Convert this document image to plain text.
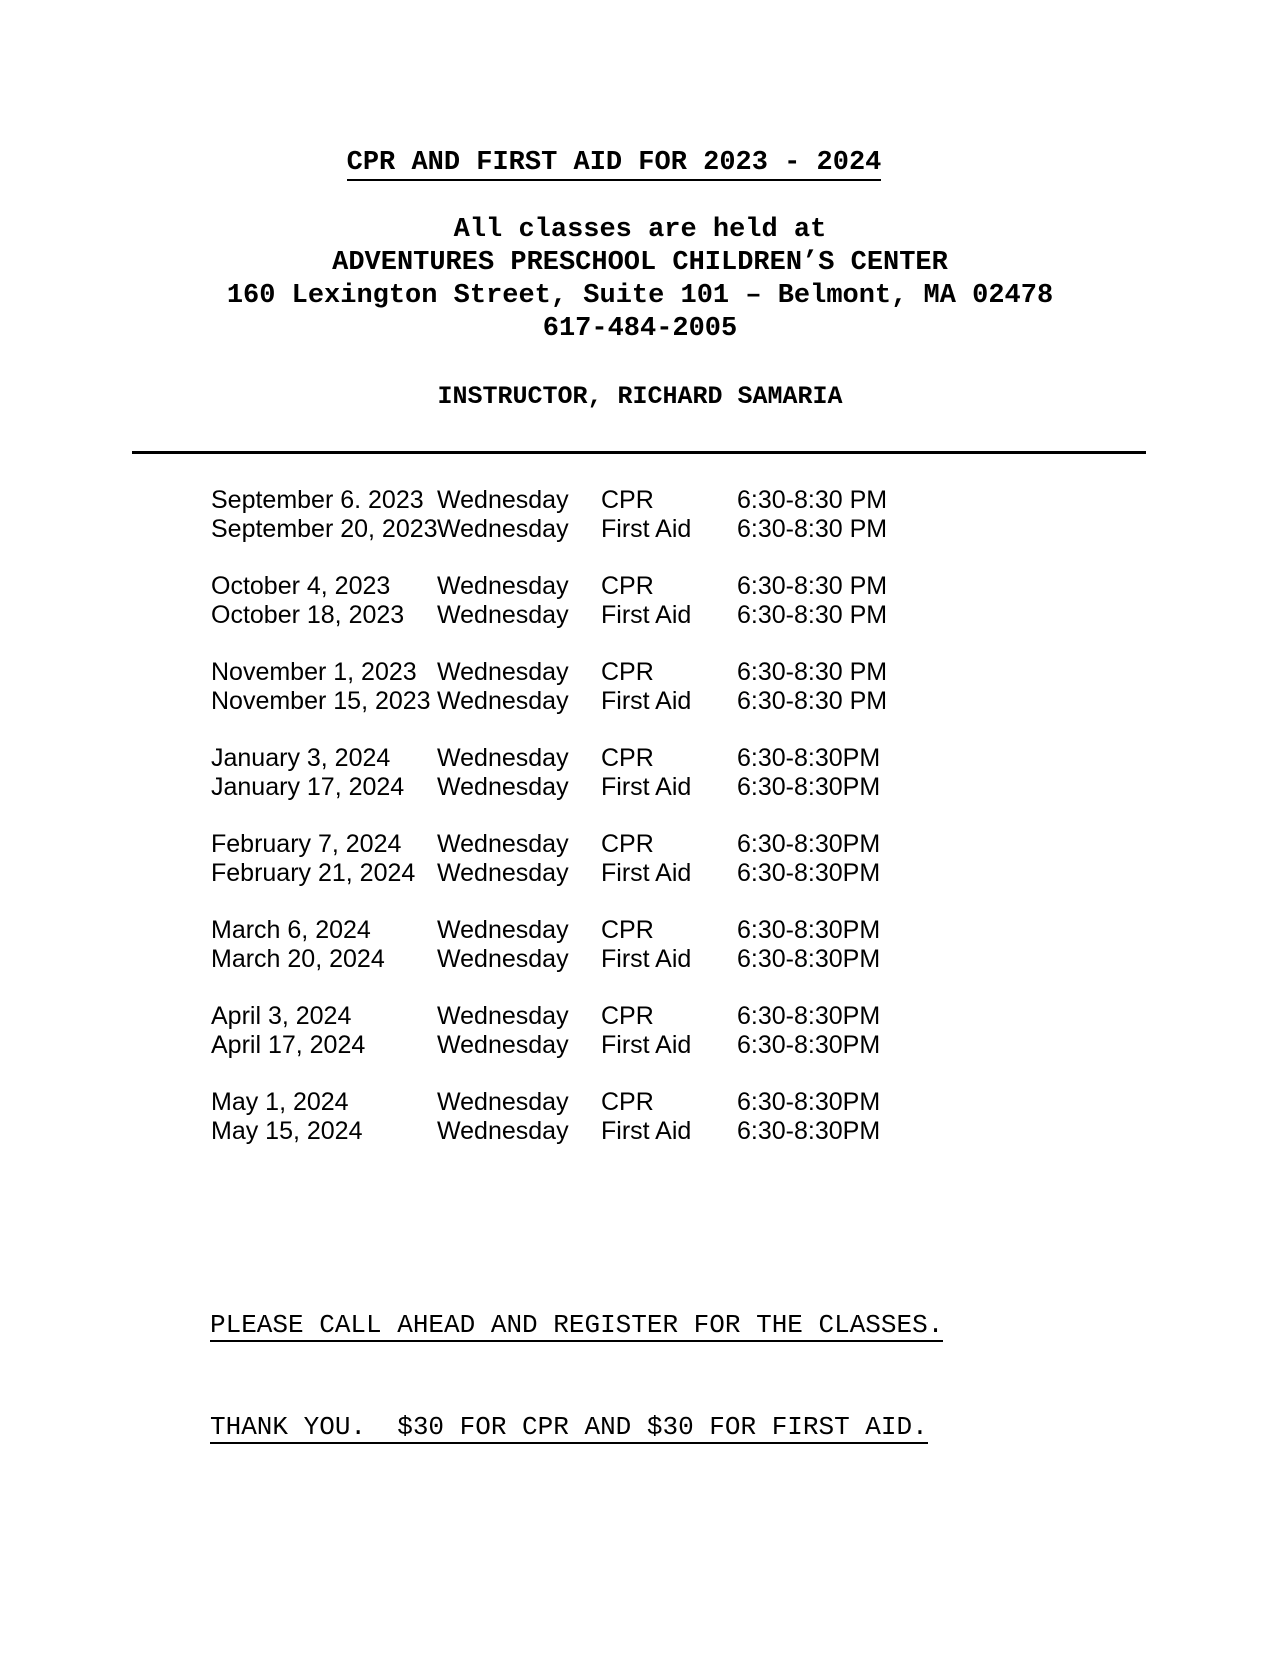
CPR AND FIRST AID FOR 2023 - 2024
All classes are held at
ADVENTURES PRESCHOOL CHILDREN’S CENTER
160 Lexington Street, Suite 101 – Belmont, MA 02478
617-484-2005
INSTRUCTOR, RICHARD SAMARIA
September 6. 2023 Wednesday CPR	6:30-8:30 PM
September 20, 2023 Wednesday First Aid 6:30-8:30 PM
October 4, 2023 Wednesday CPR	6:30-8:30 PM
October 18, 2023 Wednesday First Aid 6:30-8:30 PM
November 1, 2023 Wednesday CPR	6:30-8:30 PM
November 15, 2023 Wednesday First Aid 6:30-8:30 PM
January 3, 2024 Wednesday CPR	6:30-8:30PM
January 17, 2024 Wednesday First Aid 6:30-8:30PM
February 7, 2024 Wednesday CPR	6:30-8:30PM
February 21, 2024 Wednesday First Aid 6:30-8:30PM
March 6, 2024	Wednesday CPR	6:30-8:30PM
March 20, 2024 Wednesday First Aid 6:30-8:30PM
April 3, 2024	Wednesday CPR	6:30-8:30PM
April 17, 2024	Wednesday First Aid 6:30-8:30PM
May 1, 2024	Wednesday CPR	6:30-8:30PM
May 15, 2024	Wednesday First Aid 6:30-8:30PM

PLEASE CALL AHEAD AND REGISTER FOR THE CLASSES.

THANK YOU.  $30 FOR CPR AND $30 FOR FIRST AID.
